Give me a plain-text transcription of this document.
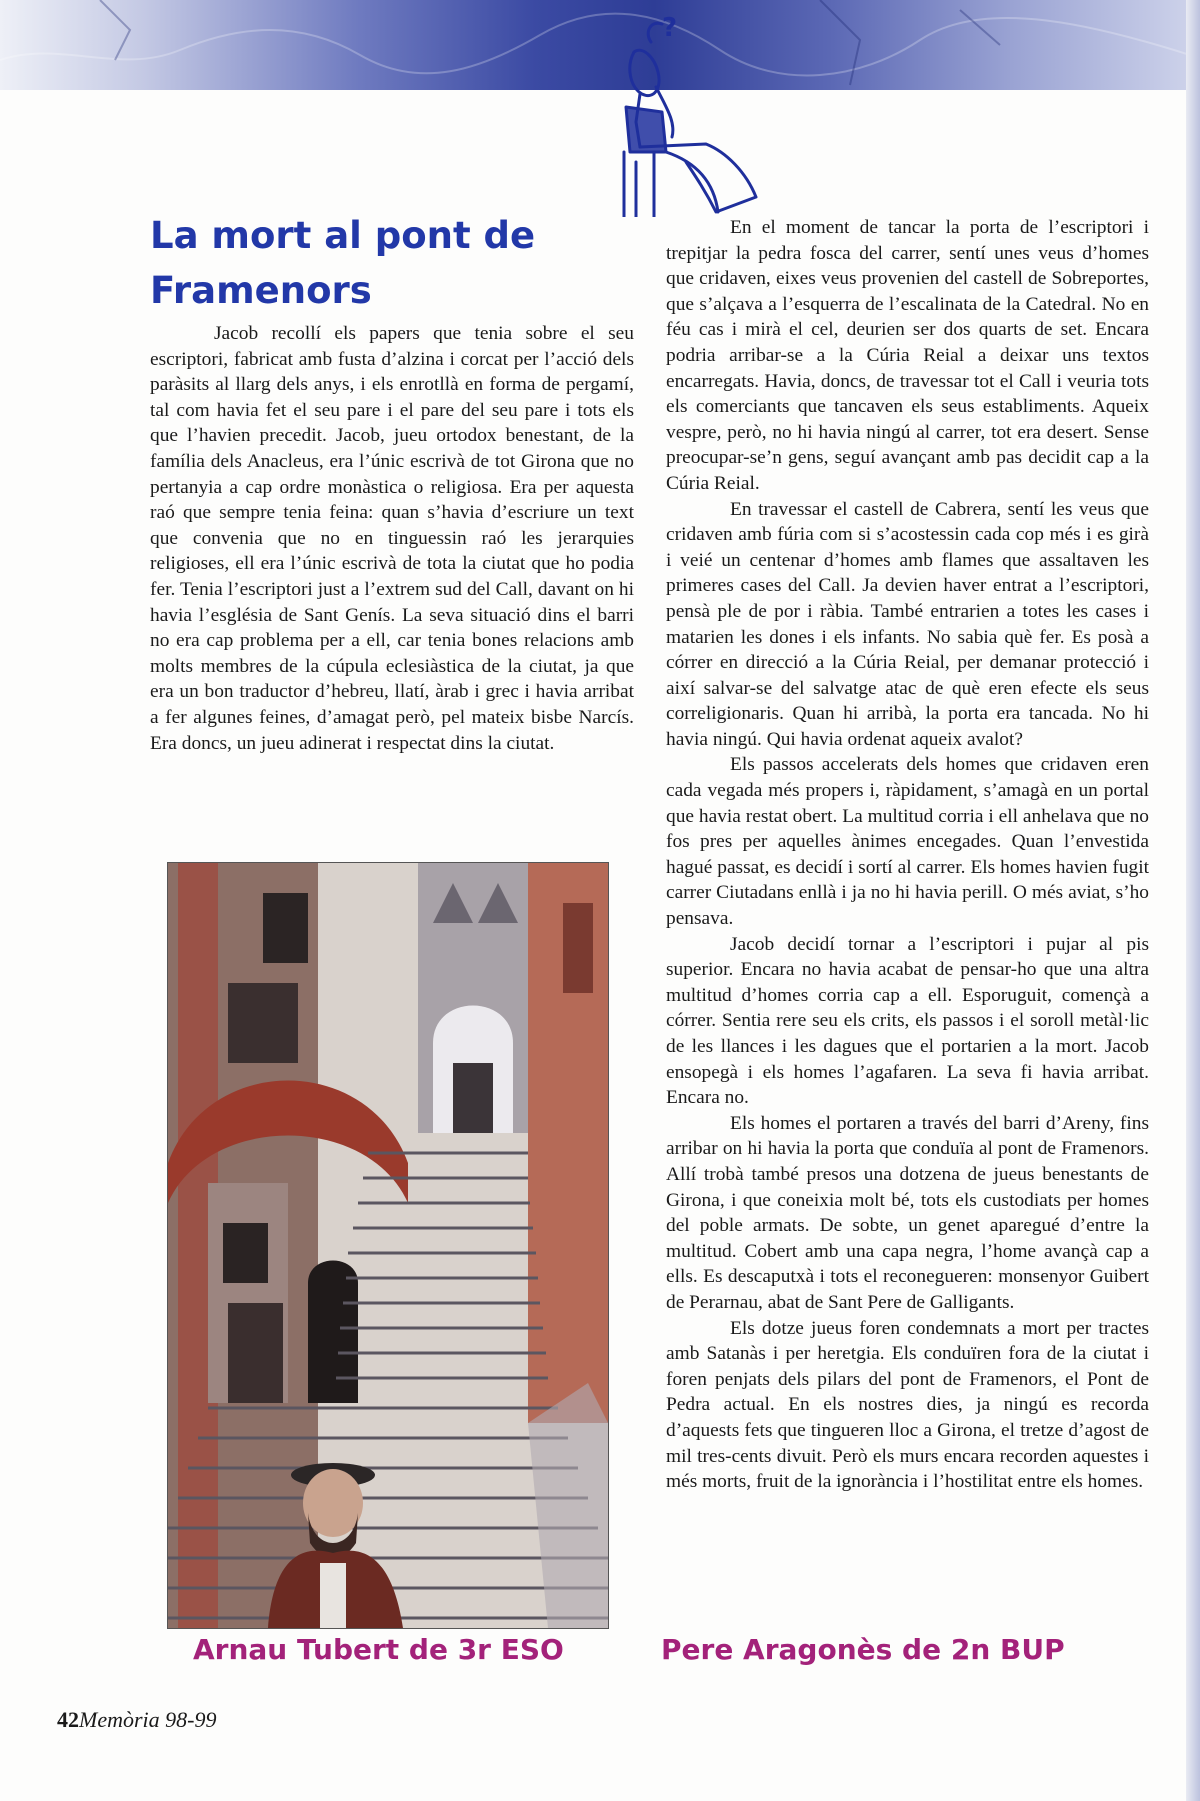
?
La mort al pont de Framenors

Jacob recollí els papers que tenia sobre el seu escriptori, fabricat amb fusta d’alzina i corcat per l’acció dels paràsits al llarg dels anys, i els enrotllà en forma de pergamí, tal com havia fet el seu pare i el pare del seu pare i tots els que l’havien precedit. Jacob, jueu ortodox benestant, de la família dels Anacleus, era l’únic escrivà de tot Girona que no pertanyia a cap ordre monàstica o religiosa. Era per aquesta raó que sempre tenia feina: quan s’havia d’escriure un text que convenia que no en tinguessin raó les jerarquies religioses, ell era l’únic escrivà de tota la ciutat que ho podia fer. Tenia l’escriptori just a l’extrem sud del Call, davant on hi havia l’església de Sant Genís. La seva situació dins el barri no era cap problema per a ell, car tenia bones relacions amb molts membres de la cúpula eclesiàstica de la ciutat, ja que era un bon traductor d’hebreu, llatí, àrab i grec i havia arribat a fer algunes feines, d’amagat però, pel mateix bisbe Narcís. Era doncs, un jueu adinerat i respectat dins la ciutat.

En el moment de tancar la porta de l’escriptori i trepitjar la pedra fosca del carrer, sentí unes veus d’homes que cridaven, eixes veus provenien del castell de Sobreportes, que s’alçava a l’esquerra de l’escalinata de la Catedral. No en féu cas i mirà el cel, deurien ser dos quarts de set. Encara podria arribar-se a la Cúria Reial a deixar uns textos encarregats. Havia, doncs, de travessar tot el Call i veuria tots els comerciants que tancaven els seus establiments. Aqueix vespre, però, no hi havia ningú al carrer, tot era desert. Sense preocupar-se’n gens, seguí avançant amb pas decidit cap a la Cúria Reial.

En travessar el castell de Cabrera, sentí les veus que cridaven amb fúria com si s’acostessin cada cop més i es girà i veié un centenar d’homes amb flames que assaltaven les primeres cases del Call. Ja devien haver entrat a l’escriptori, pensà ple de por i ràbia. També entrarien a totes les cases i matarien les dones i els infants. No sabia què fer. Es posà a córrer en direcció a la Cúria Reial, per demanar protecció i així salvar-se del salvatge atac de què eren efecte els seus correligionaris. Quan hi arribà, la porta era tancada. No hi havia ningú. Qui havia ordenat aqueix avalot?

Els passos accelerats dels homes que cridaven eren cada vegada més propers i, ràpidament, s’amagà en un portal que havia restat obert. La multitud corria i ell anhelava que no fos pres per aquelles ànimes encegades. Quan l’envestida hagué passat, es decidí i sortí al carrer. Els homes havien fugit carrer Ciutadans enllà i ja no hi havia perill. O més aviat, s’ho pensava.

Jacob decidí tornar a l’escriptori i pujar al pis superior. Encara no havia acabat de pensar-ho que una altra multitud d’homes corria cap a ell. Esporuguit, començà a córrer. Sentia rere seu els crits, els passos i el soroll metàl·lic de les llances i les dagues que el portarien a la mort. Jacob ensopegà i els homes l’agafaren. La seva fi havia arribat. Encara no.

Els homes el portaren a través del barri d’Areny, fins arribar on hi havia la porta que conduïa al pont de Framenors. Allí trobà també presos una dotzena de jueus benestants de Girona, i que coneixia molt bé, tots els custodiats per homes del poble armats. De sobte, un genet aparegué d’entre la multitud. Cobert amb una capa negra, l’home avançà cap a ells. Es descaputxà i tots el reconegueren: monsenyor Guibert de Perarnau, abat de Sant Pere de Galligants.

Els dotze jueus foren condemnats a mort per tractes amb Satanàs i per heretgia. Els conduïren fora de la ciutat i foren penjats dels pilars del pont de Framenors, el Pont de Pedra actual. En els nostres dies, ja ningú es recorda d’aquests fets que tingueren lloc a Girona, el tretze d’agost de mil tres-cents divuit. Però els murs encara recorden aquestes i més morts, fruit de la ignorància i l’hostilitat entre els homes.

Arnau Tubert de 3r ESO	Pere Aragonès de 2n BUP
42Memòria 98-99
